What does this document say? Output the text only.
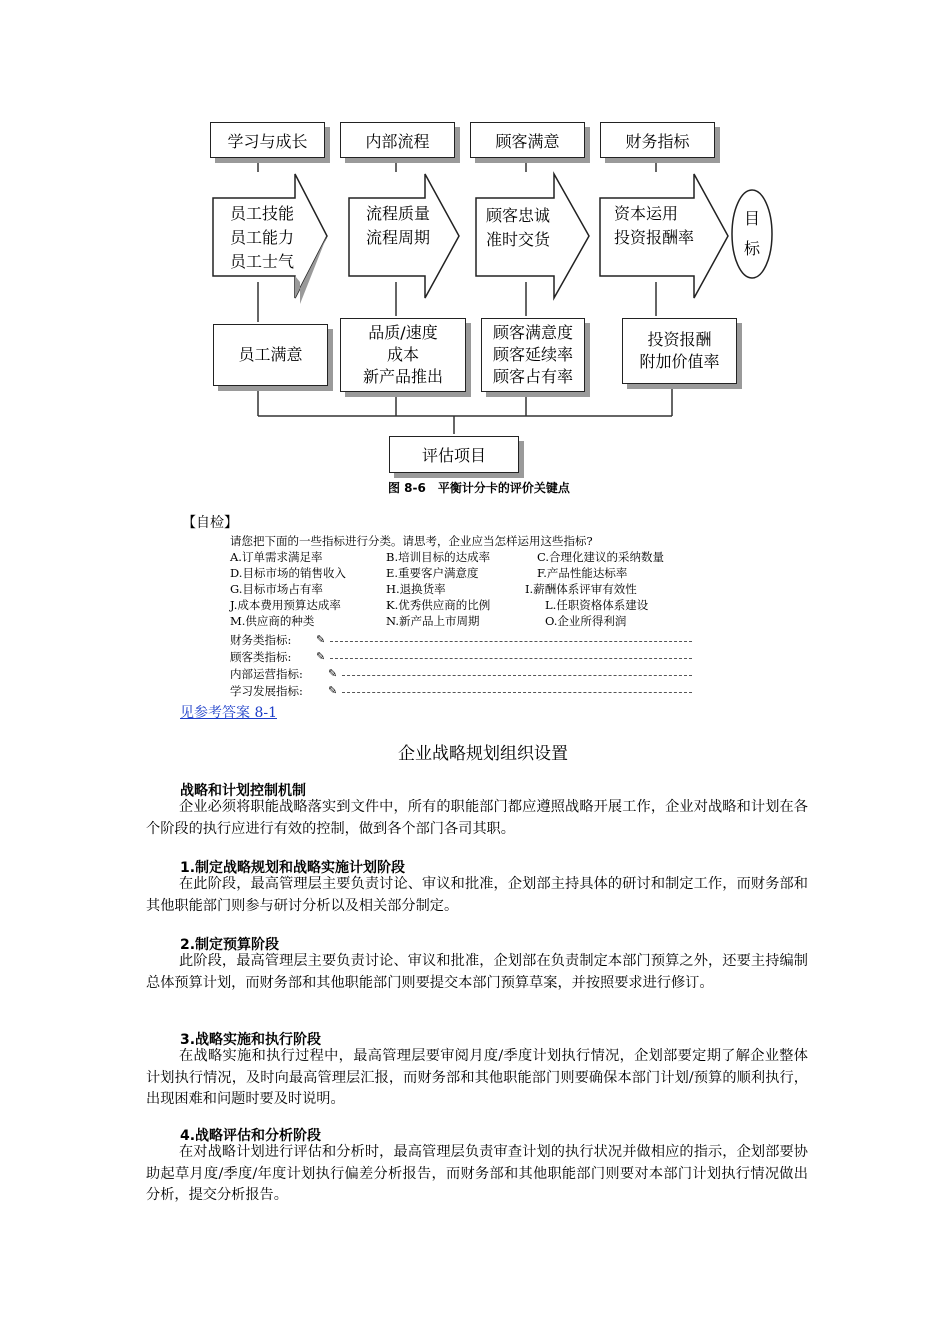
学习与成长	内部流程	顾客满意	财务指标
员工技能
员工能力
员工士气
流程质量
流程周期
顾客忠诚
准时交货
资本运用
投资报酬率
目
标
员工满意
品质/速度
成本
新产品推出
顾客满意度
顾客延续率
顾客占有率
投资报酬
附加价值率
评估项目
图 8-6　平衡计分卡的评价关键点
【自检】
请您把下面的一些指标进行分类。请思考，企业应当怎样运用这些指标?
A.订单需求满足率	B.培训目标的达成率	C.合理化建议的采纳数量
D.目标市场的销售收入	E.重要客户满意度	F.产品性能达标率
G.目标市场占有率	H.退换货率	I.薪酬体系评审有效性
J.成本费用预算达成率	K.优秀供应商的比例	L.任职资格体系建设
M.供应商的种类	N.新产品上市周期	O.企业所得利润
财务类指标: ✎
顾客类指标: ✎
内部运营指标: ✎
学习发展指标: ✎
见参考答案 8-1
企业战略规划组织设置
战略和计划控制机制
企业必须将职能战略落实到文件中，所有的职能部门都应遵照战略开展工作，企业对战略和计划在各个阶段的执行应进行有效的控制，做到各个部门各司其职。
1.制定战略规划和战略实施计划阶段
在此阶段，最高管理层主要负责讨论、审议和批准，企划部主持具体的研讨和制定工作，而财务部和其他职能部门则参与研讨分析以及相关部分制定。
2.制定预算阶段
此阶段，最高管理层主要负责讨论、审议和批准，企划部在负责制定本部门预算之外，还要主持编制总体预算计划，而财务部和其他职能部门则要提交本部门预算草案，并按照要求进行修订。
3.战略实施和执行阶段
在战略实施和执行过程中，最高管理层要审阅月度/季度计划执行情况，企划部要定期了解企业整体计划执行情况，及时向最高管理层汇报，而财务部和其他职能部门则要确保本部门计划/预算的顺利执行，出现困难和问题时要及时说明。
4.战略评估和分析阶段
在对战略计划进行评估和分析时，最高管理层负责审查计划的执行状况并做相应的指示，企划部要协助起草月度/季度/年度计划执行偏差分析报告，而财务部和其他职能部门则要对本部门计划执行情况做出分析，提交分析报告。
